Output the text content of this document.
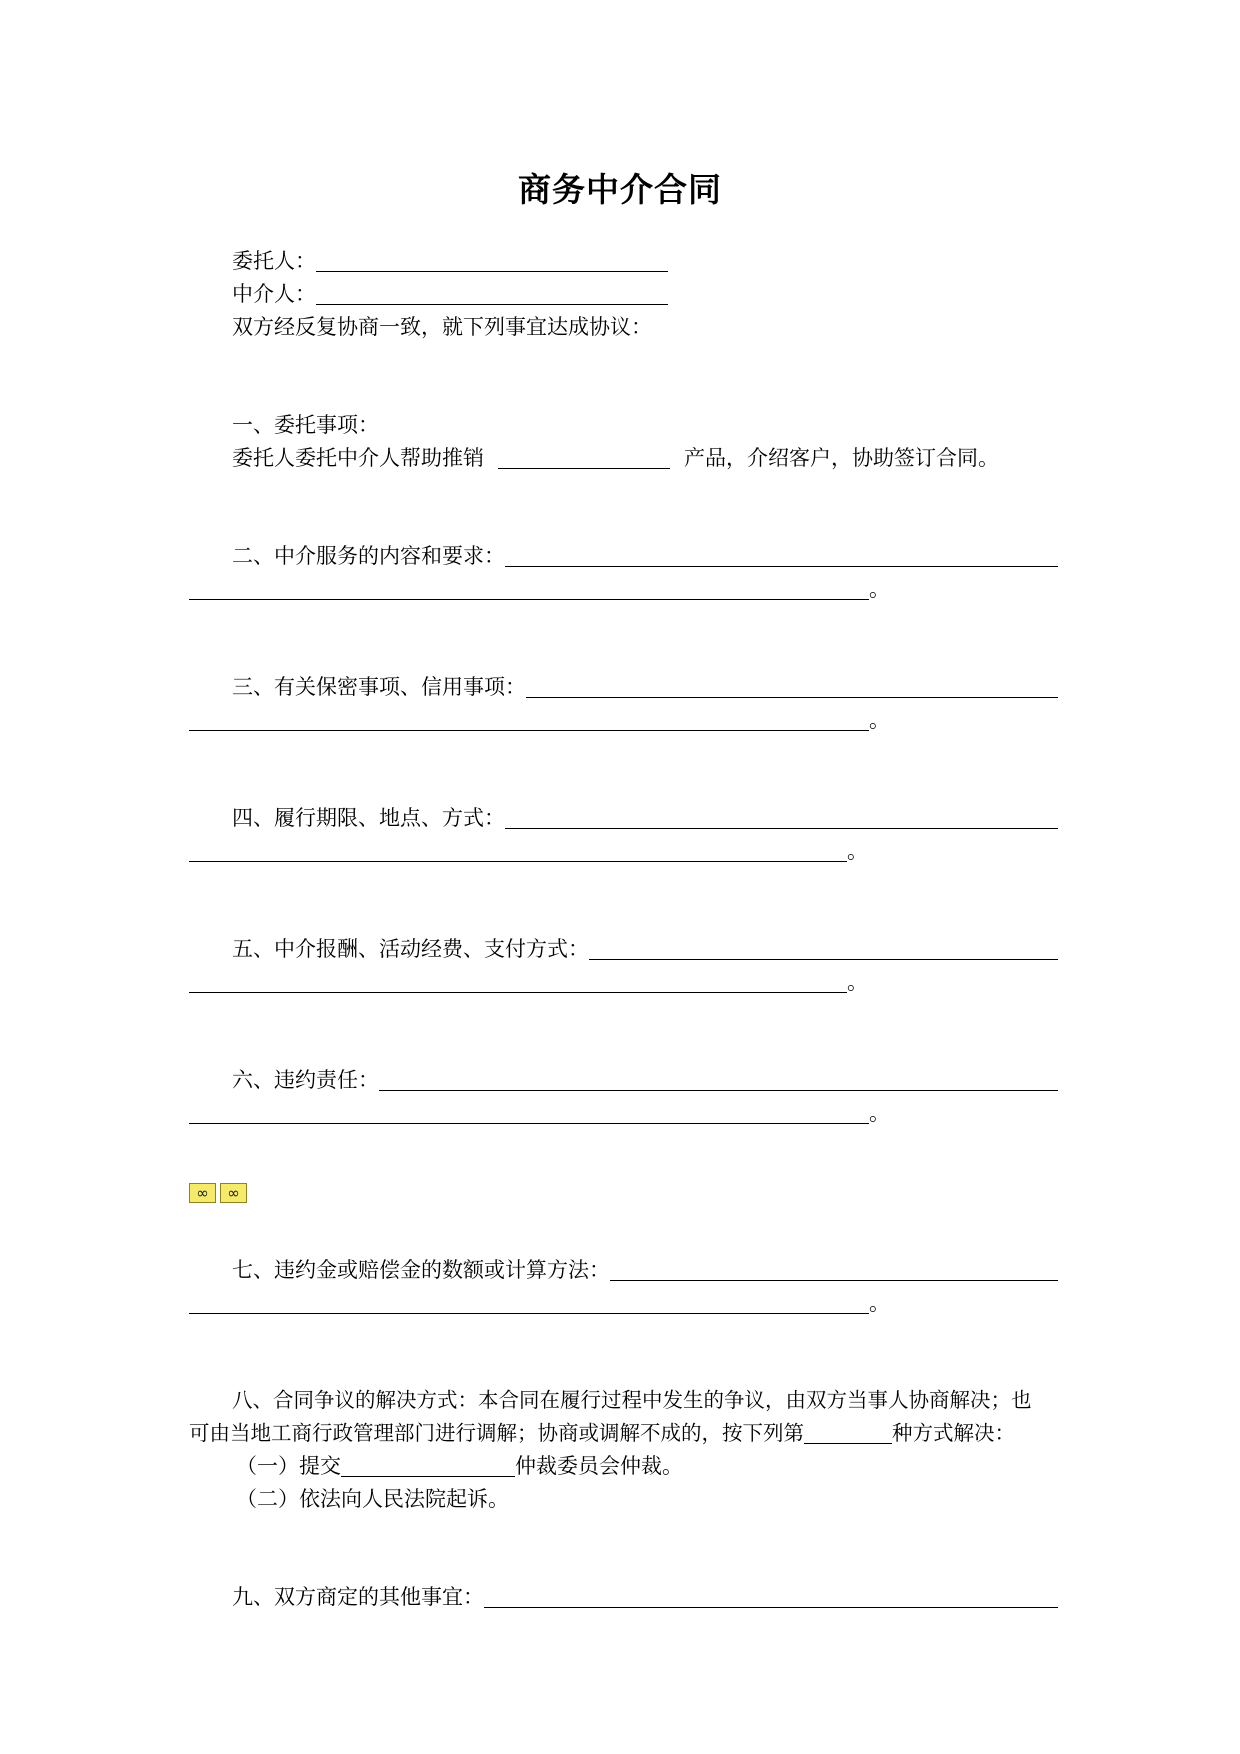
商务中介合同
委托人：
中介人：
双方经反复协商一致，就下列事宜达成协议：
一、委托事项：
委托人委托中介人帮助推销	产品，介绍客户，协助签订合同。
二、中介服务的内容和要求：
。
三、有关保密事项、信用事项：
。
四、履行期限、地点、方式：
。
五、中介报酬、活动经费、支付方式：
。
六、违约责任：
。
∞	∞
七、违约金或赔偿金的数额或计算方法：
。
八、合同争议的解决方式：本合同在履行过程中发生的争议，由双方当事人协商解决；也
可由当地工商行政管理部门进行调解；协商或调解不成的，按下列第	种方式解决：
（一）提交	仲裁委员会仲裁。
（二）依法向人民法院起诉。
九、双方商定的其他事宜：
